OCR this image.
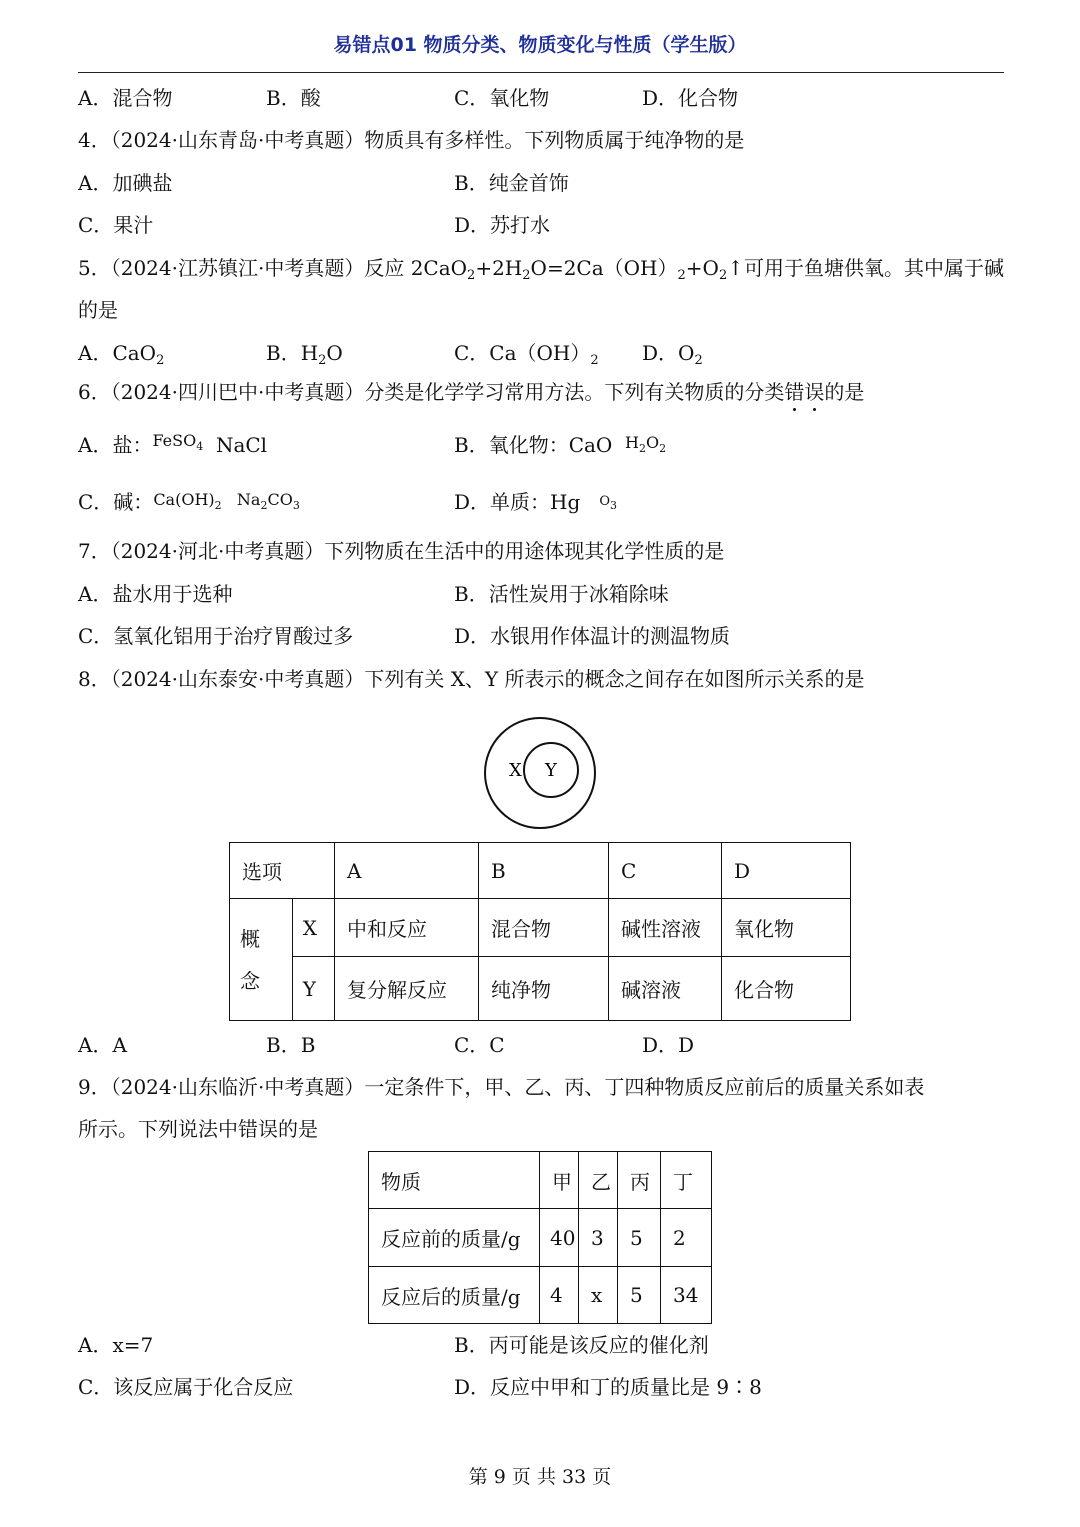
易错点01 物质分类、物质变化与性质（学生版）
A．混合物	B．酸	C．氧化物	D．化合物
4．（2024·山东青岛·中考真题）物质具有多样性。下列物质属于纯净物的是
A．加碘盐	B．纯金首饰
C．果汁	D．苏打水
5．（2024·江苏镇江·中考真题）反应 $2CaO_2+2H_2O=2Ca(OH)_2+O_2↑$可用于鱼塘供氧。其中属于碱
的是
A．CaO$_2$	B．$H_2O$	C．$Ca(OH)_2$ D．$O_2$
6．（2024·四川巴中·中考真题）分类是化学学习常用方法。下列有关物质的分类错误的是
A．盐：$^{FeSO_4}$ NaCl	B．氧化物：CaO $^{H_2O_2}$
C．碱：$^{Ca(OH)_2 Na_2CO_3}$	D．单质：Hg $^{O_3}$
7．（2024·河北·中考真题）下列物质在生活中的用途体现其化学性质的是
A．盐水用于选种	B．活性炭用于冰箱除味
C．氢氧化铝用于治疗胃酸过多	D．水银用作体温计的测温物质
8．（2024·山东泰安·中考真题）下列有关 X、Y 所表示的概念之间存在如图所示关系的是
X Y
选项		A	B	C	D
概
念	X	中和反应	混合物	碱性溶液	氧化物
	Y	复分解反应	纯净物	碱溶液	化合物
A．A	B．B	C．C	D．D
9．（2024·山东临沂·中考真题）一定条件下，甲、乙、丙、丁四种物质反应前后的质量关系如表
所示。下列说法中错误的是
物质	甲	乙	丙	丁
反应前的质量/g	40	3	5	2
反应后的质量/g	4	x	5	34
A．x=7	B．丙可能是该反应的催化剂
C．该反应属于化合反应	D．反应中甲和丁的质量比是 9∶8
第 9 页 共 33 页
